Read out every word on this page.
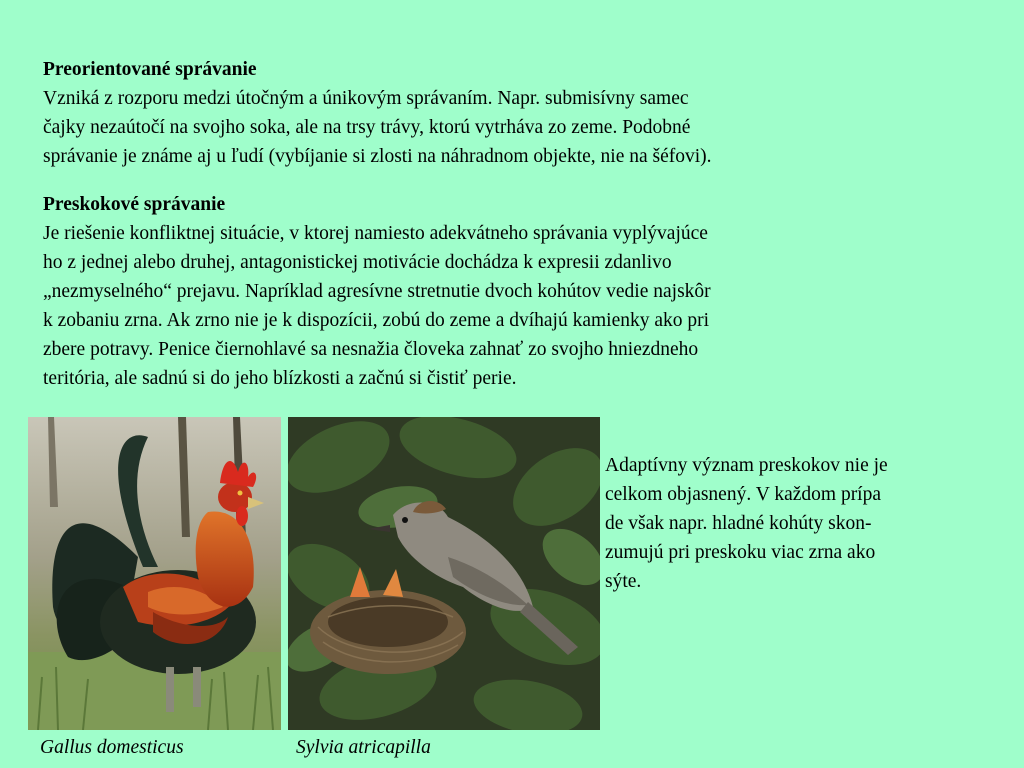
Preorientované správanie
Vzniká z rozporu medzi útočným a únikovým správaním. Napr. submisívny samec
čajky nezaútočí na svojho soka, ale na trsy trávy, ktorú vytrháva zo zeme. Podobné
správanie je známe aj u ľudí (vybíjanie si zlosti na náhradnom objekte, nie na šéfovi).
Preskokové správanie
Je riešenie konfliktnej situácie, v ktorej namiesto adekvátneho správania vyplývajúce
ho z jednej alebo druhej, antagonistickej motivácie dochádza k expresii zdanlivo
„nezmyselného“ prejavu. Napríklad agresívne stretnutie dvoch kohútov vedie najskôr
k zobaniu zrna. Ak zrno nie je k dispozícii, zobú do zeme a dvíhajú kamienky ako pri
zbere potravy. Penice čiernohlavé sa nesnažia človeka zahnať zo svojho hniezdneho
teritória, ale sadnú si do jeho blízkosti a začnú si čistiť perie.
Adaptívny význam preskokov nie je
celkom objasnený. V každom prípa
de však napr. hladné kohúty skon-
zumujú pri preskoku viac zrna ako
sýte.
Gallus domesticus	Sylvia atricapilla
